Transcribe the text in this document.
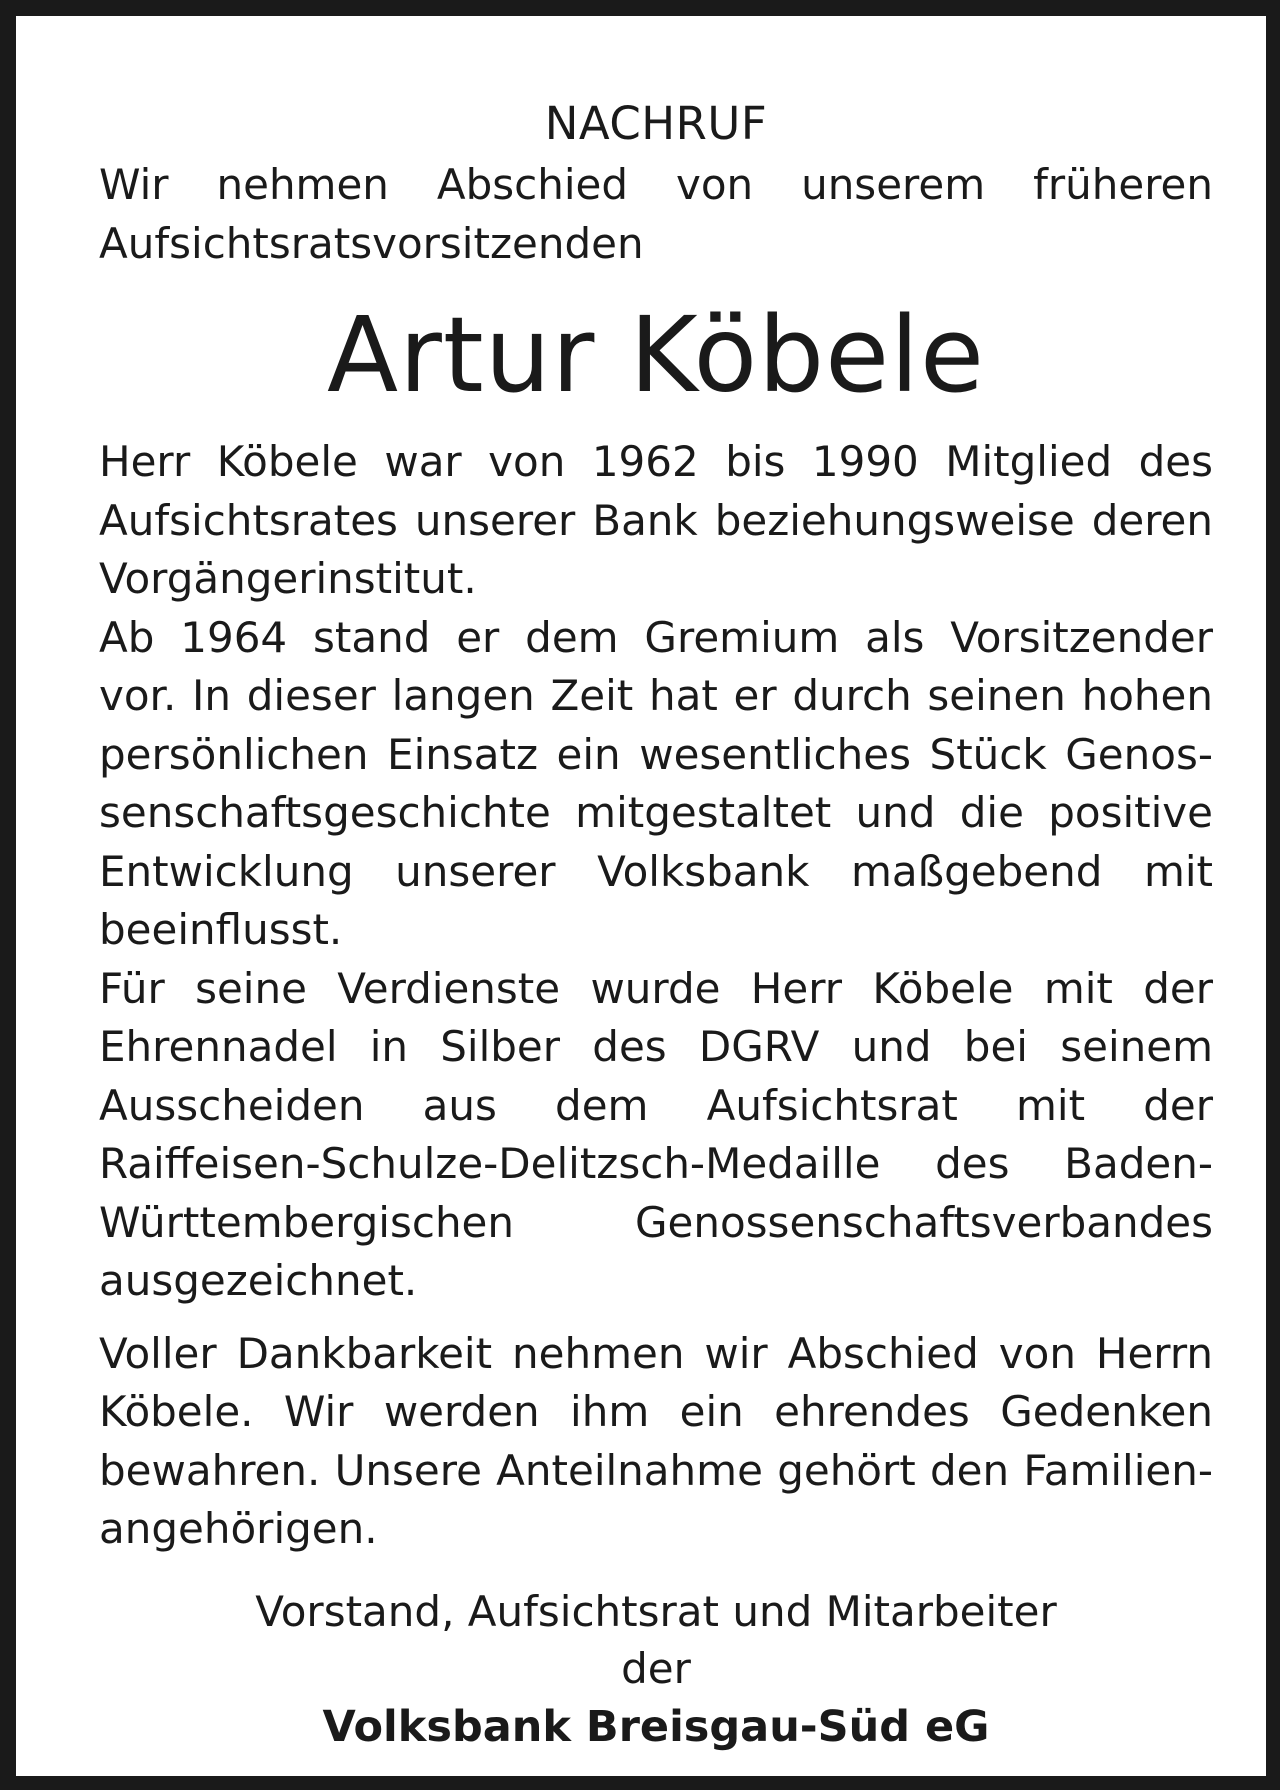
NACHRUF

Wir nehmen Abschied von unserem früheren

Aufsichtsratsvorsitzenden

Artur Köbele

Herr Köbele war von 1962 bis 1990 Mitglied des Aufsichtsrates unserer Bank beziehungsweise deren Vorgängerinstitut.

Ab 1964 stand er dem Gremium als Vorsitzender vor. In dieser langen Zeit hat er durch seinen hohen persönlichen Einsatz ein wesentliches Stück Genossenschaftsgeschichte mitgestaltet und die positive Entwicklung unserer Volksbank maßgebend mit beeinflusst.

Für seine Verdienste wurde Herr Köbele mit der Ehrennadel in Silber des DGRV und bei seinem Ausscheiden aus dem Aufsichtsrat mit der Raiffeisen-Schulze-Delitzsch-Medaille des Baden-Württembergischen Genossenschaftsverbandes ausgezeichnet.

Voller Dankbarkeit nehmen wir Abschied von Herrn Köbele. Wir werden ihm ein ehrendes Gedenken bewahren. Unsere Anteilnahme gehört den Familienangehörigen.

Vorstand, Aufsichtsrat und Mitarbeiter

der

Volksbank Breisgau-Süd eG
